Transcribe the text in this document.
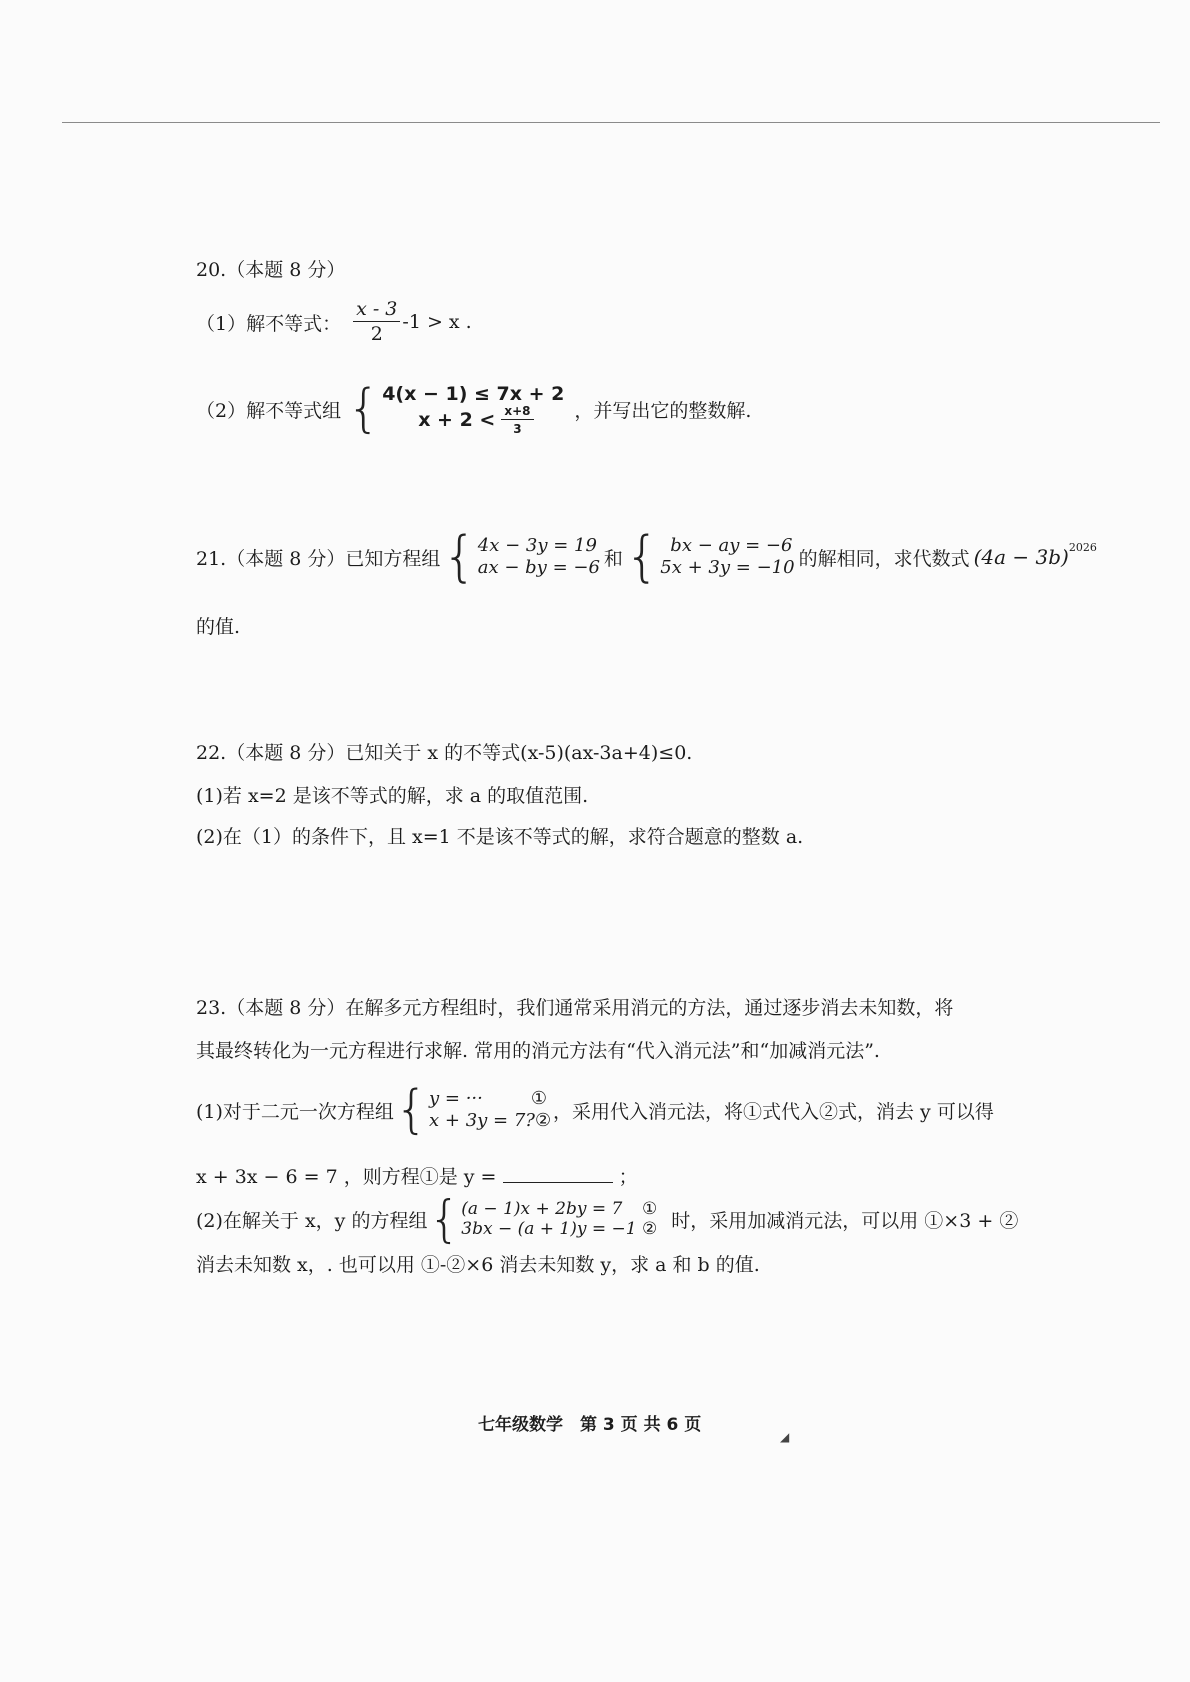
20.（本题 8 分）
（1）解不等式： $\frac{x - 3}{2} -1 > x$ .
（2）解不等式组 { 4(x − 1) ≤ 7x + 2
$x + 2 < \frac{x+8}{3}$ ，并写出它的整数解.
21.（本题 8 分）已知方程组 { 4x − 3y = 19
ax − by = −6 和 { bx − ay = −6
5x + 3y = −10 的解相同，求代数式 $(4a - 3b)^{2026}$
的值.
22.（本题 8 分）已知关于 x 的不等式(x-5)(ax-3a+4)≤0.
(1)若 x=2 是该不等式的解，求 a 的取值范围.
(2)在（1）的条件下，且 x=1 不是该不等式的解，求符合题意的整数 a.
23.（本题 8 分）在解多元方程组时，我们通常采用消元的方法，通过逐步消去未知数，将
其最终转化为一元方程进行求解. 常用的消元方法有“代入消元法”和“加减消元法”.
(1)对于二元一次方程组 { y = ···	①
x + 3y = 7? ② ，采用代入消元法，将①式代入②式，消去 y 可以得
x + 3x − 6 = 7 ，则方程①是 y =	；
(2)在解关于 x，y 的方程组 { (a − 1)x + 2by = 7 ①
3bx − (a + 1)y = −1 ② 时，采用加减消元法，可以用 ①×3 + ②
消去未知数 x，. 也可以用 ①-②×6 消去未知数 y，求 a 和 b 的值.
七年级数学　第 3 页 共 6 页
◢
